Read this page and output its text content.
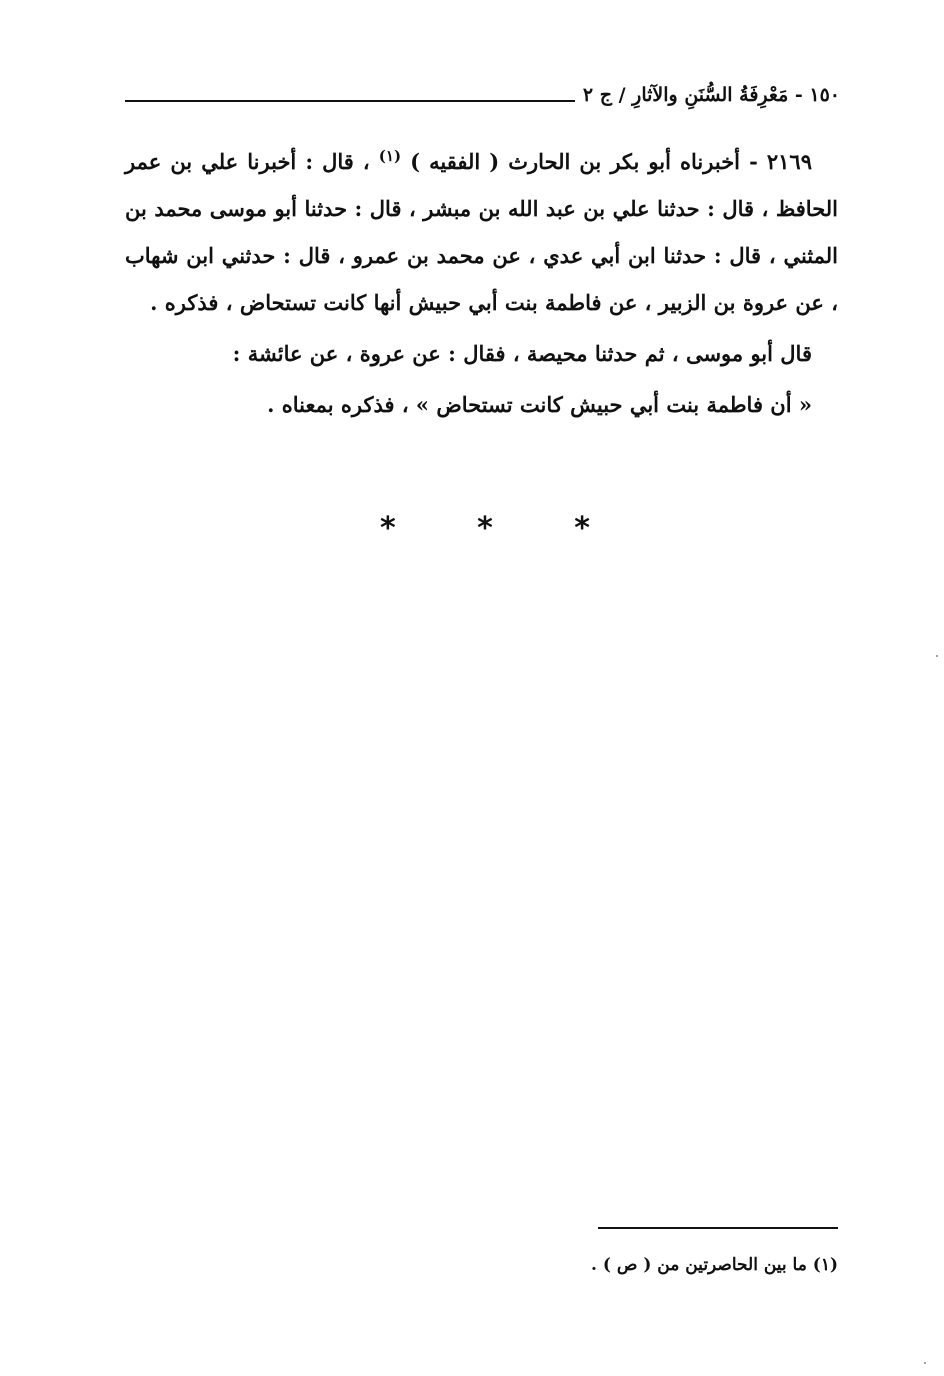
١٥٠ - مَعْرِفَةُ السُّنَنِ والآثارِ / ج ٢

٢١٦٩ - أخبرناه أبو بكر بن الحارث ( الفقيه ) $^{(١)}$ ، قال : أخبرنا علي بن عمر الحافظ ، قال : حدثنا علي بن عبد الله بن مبشر ، قال : حدثنا أبو موسى محمد بن المثني ، قال : حدثنا ابن أبي عدي ، عن محمد بن عمرو ، قال : حدثني ابن شهاب ، عن عروة بن الزبير ، عن فاطمة بنت أبي حبيش أنها كانت تستحاض ، فذكره .

قال أبو موسى ، ثم حدثنا محيصة ، فقال : عن عروة ، عن عائشة :

« أن فاطمة بنت أبي حبيش كانت تستحاض » ، فذكره بمعناه .

*	*	*
(١) ما بين الحاصرتين من ( ص ) .
